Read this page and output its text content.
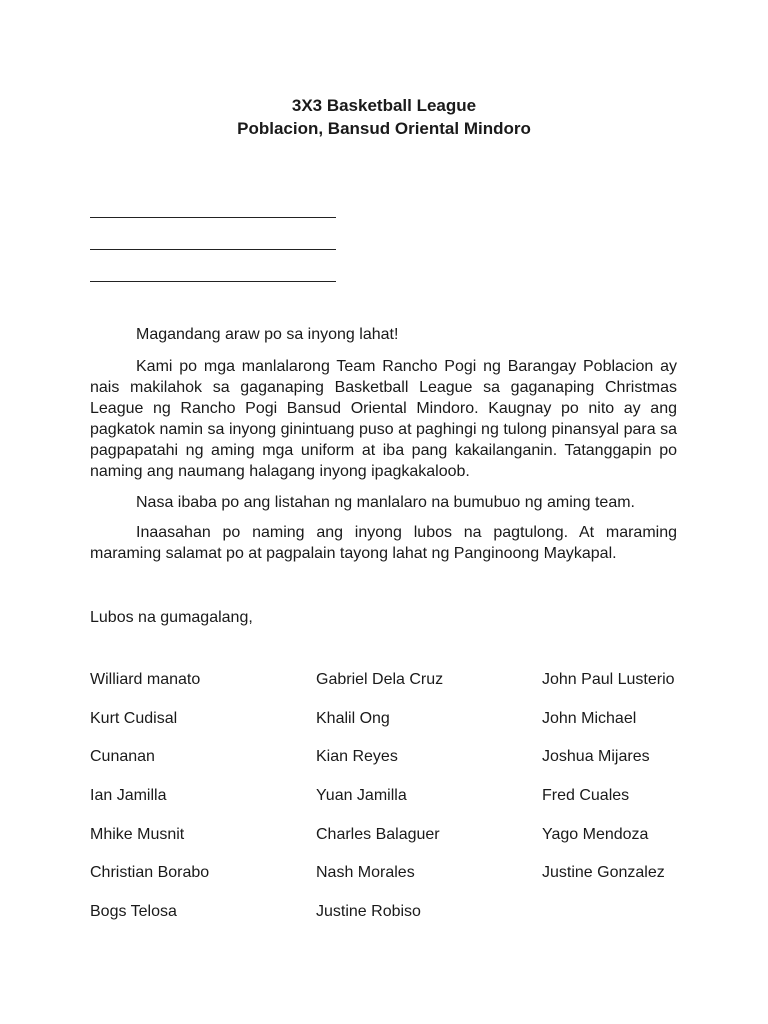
3X3 Basketball League
Poblacion, Bansud Oriental Mindoro

Magandang araw po sa inyong lahat!

Kami po mga manlalarong Team Rancho Pogi ng Barangay Poblacion ay nais makilahok sa gaganaping Basketball League sa gaganaping Christmas League ng Rancho Pogi Bansud Oriental Mindoro. Kaugnay po nito ay ang pagkatok namin sa inyong ginintuang puso at paghingi ng tulong pinansyal para sa pagpapatahi ng aming mga uniform at iba pang kakailanganin. Tatanggapin po naming ang naumang halagang inyong ipagkakaloob.

Nasa ibaba po ang listahan ng manlalaro na bumubuo ng aming team.

Inaasahan po naming ang inyong lubos na pagtulong. At maraming maraming salamat po at pagpalain tayong lahat ng Panginoong Maykapal.

Lubos na gumagalang,
Williard manato
Kurt Cudisal
Cunanan
Ian Jamilla
Mhike Musnit
Christian Borabo
Bogs Telosa
Gabriel Dela Cruz
Khalil Ong
Kian Reyes
Yuan Jamilla
Charles Balaguer
Nash Morales
Justine Robiso
John Paul Lusterio
John Michael
Joshua Mijares
Fred Cuales
Yago Mendoza
Justine Gonzalez
